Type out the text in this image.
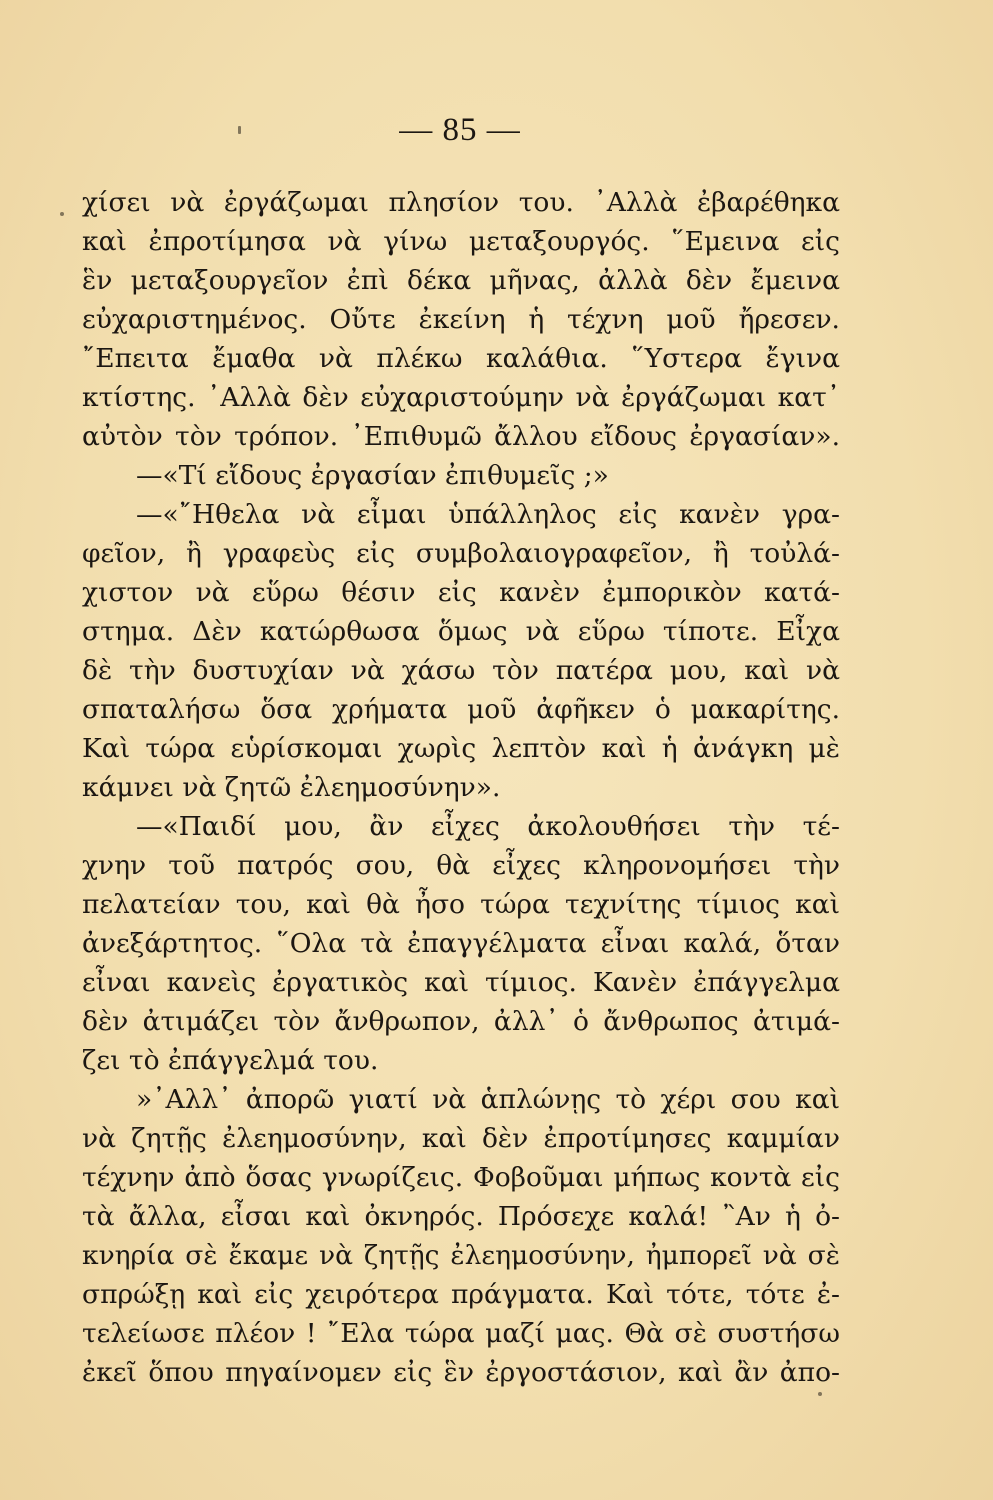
— 85 —
χίσει νὰ ἐργάζωμαι πλησίον του. ᾿Αλλὰ ἐβαρέθηκα
καὶ ἐπροτίμησα νὰ γίνω μεταξουργός. ῞Εμεινα εἰς
ἓν μεταξουργεῖον ἐπὶ δέκα μῆνας, ἀλλὰ δὲν ἔμεινα
εὐχαριστημένος. Οὔτε ἐκείνη ἡ τέχνη μοῦ ἤρεσεν.
῎Επειτα ἔμαθα νὰ πλέκω καλάθια. ῞Υστερα ἔγινα
κτίστης. ᾿Αλλὰ δὲν εὐχαριστούμην νὰ ἐργάζωμαι κατ᾿
αὐτὸν τὸν τρόπον. ᾿Επιθυμῶ ἄλλου εἴδους ἐργασίαν».
—«Τί εἴδους ἐργασίαν ἐπιθυμεῖς ;»
—«῎Ηθελα νὰ εἶμαι ὑπάλληλος εἰς κανὲν γρα-
φεῖον, ἢ γραφεὺς εἰς συμβολαιογραφεῖον, ἢ τοὐλά-
χιστον νὰ εὕρω θέσιν εἰς κανὲν ἐμπορικὸν κατά-
στημα. Δὲν κατώρθωσα ὅμως νὰ εὕρω τίποτε. Εἶχα
δὲ τὴν δυστυχίαν νὰ χάσω τὸν πατέρα μου, καὶ νὰ
σπαταλήσω ὅσα χρήματα μοῦ ἀφῆκεν ὁ μακαρίτης.
Καὶ τώρα εὑρίσκομαι χωρὶς λεπτὸν καὶ ἡ ἀνάγκη μὲ
κάμνει νὰ ζητῶ ἐλεημοσύνην».
—«Παιδί μου, ἂν εἶχες ἀκολουθήσει τὴν τέ-
χνην τοῦ πατρός σου, θὰ εἶχες κληρονομήσει τὴν
πελατείαν του, καὶ θὰ ἦσο τώρα τεχνίτης τίμιος καὶ
ἀνεξάρτητος. ῞Ολα τὰ ἐπαγγέλματα εἶναι καλά, ὅταν
εἶναι κανεὶς ἐργατικὸς καὶ τίμιος. Κανὲν ἐπάγγελμα
δὲν ἀτιμάζει τὸν ἄνθρωπον, ἀλλ᾿ ὁ ἄνθρωπος ἀτιμά-
ζει τὸ ἐπάγγελμά του.
»᾿Αλλ᾿ ἀπορῶ γιατί νὰ ἁπλώνῃς τὸ χέρι σου καὶ
νὰ ζητῇς ἐλεημοσύνην, καὶ δὲν ἐπροτίμησες καμμίαν
τέχνην ἀπὸ ὅσας γνωρίζεις. Φοβοῦμαι μήπως κοντὰ εἰς
τὰ ἄλλα, εἶσαι καὶ ὀκνηρός. Πρόσεχε καλά! ῍Αν ἡ ὀ-
κνηρία σὲ ἔκαμε νὰ ζητῇς ἐλεημοσύνην, ἠμπορεῖ νὰ σὲ
σπρώξῃ καὶ εἰς χειρότερα πράγματα. Καὶ τότε, τότε ἐ-
τελείωσε πλέον ! ῎Ελα τώρα μαζί μας. Θὰ σὲ συστήσω
ἐκεῖ ὅπου πηγαίνομεν εἰς ἓν ἐργοστάσιον, καὶ ἂν ἀπο-
